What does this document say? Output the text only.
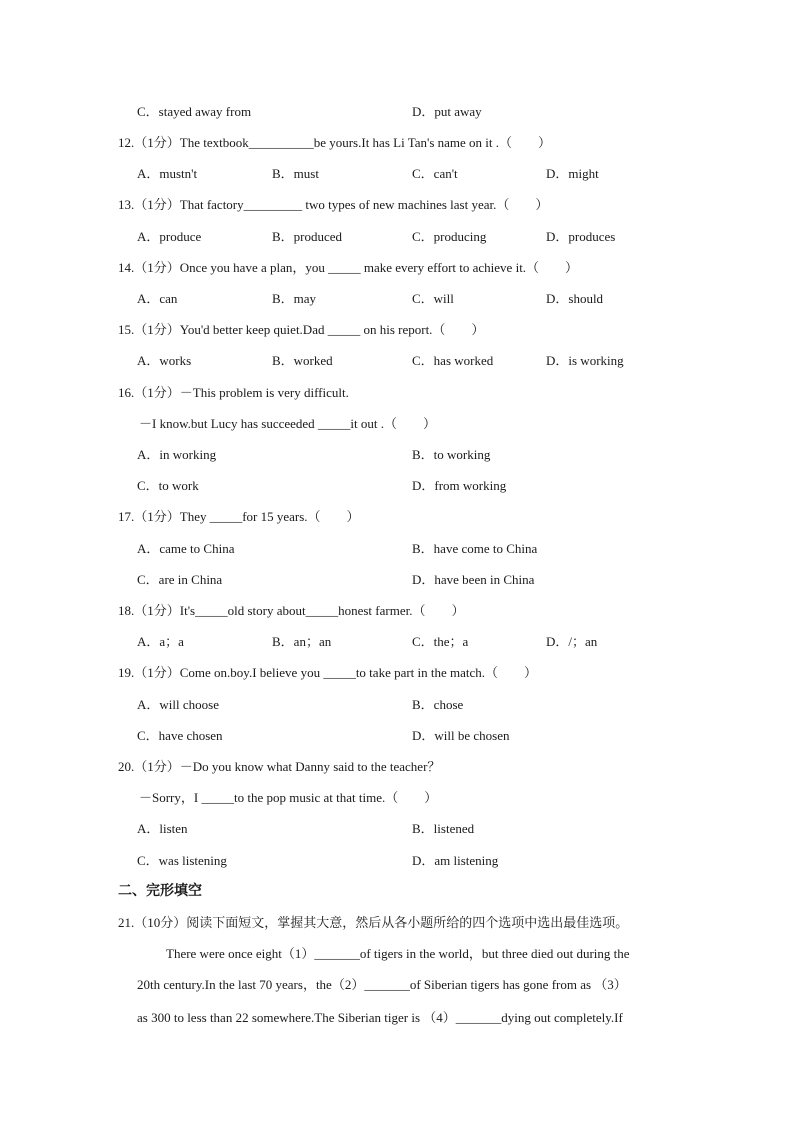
C．stayed away from	D．put away
12.（1分）The textbook__________be yours.It has Li Tan's name on it .（　　）
A．mustn't	B．must	C．can't	D．might
13.（1分）That factory_________ two types of new machines last year.（　　）
A．produce	B．produced	C．producing	D．produces
14.（1分）Once you have a plan，you _____ make every effort to achieve it.（　　）
A．can	B．may	C．will	D．should
15.（1分）You'd better keep quiet.Dad _____ on his report.（　　）
A．works	B．worked	C．has worked	D．is working
16.（1分）－This problem is very difficult.
－I know.but Lucy has succeeded _____it out .（　　）
A．in working	B．to working
C．to work	D．from working
17.（1分）They _____for 15 years.（　　）
A．came to China	B．have come to China
C．are in China	D．have been in China
18.（1分）It's_____old story about_____honest farmer.（　　）
A．a；a	B．an；an	C．the；a	D．/；an
19.（1分）Come on.boy.I believe you _____to take part in the match.（　　）
A．will choose	B．chose
C．have chosen	D．will be chosen
20.（1分）－Do you know what Danny said to the teacher？
－Sorry，I _____to the pop music at that time.（　　）
A．listen	B．listened
C．was listening	D．am listening
二、完形填空
21.（10分）阅读下面短文，掌握其大意，然后从各小题所给的四个选项中选出最佳选项。
There were once eight（1）_______of tigers in the world，but three died out during the
20th century.In the last 70 years，the（2）_______of Siberian tigers has gone from as （3）
as 300 to less than 22 somewhere.The Siberian tiger is （4）_______dying out completely.If
